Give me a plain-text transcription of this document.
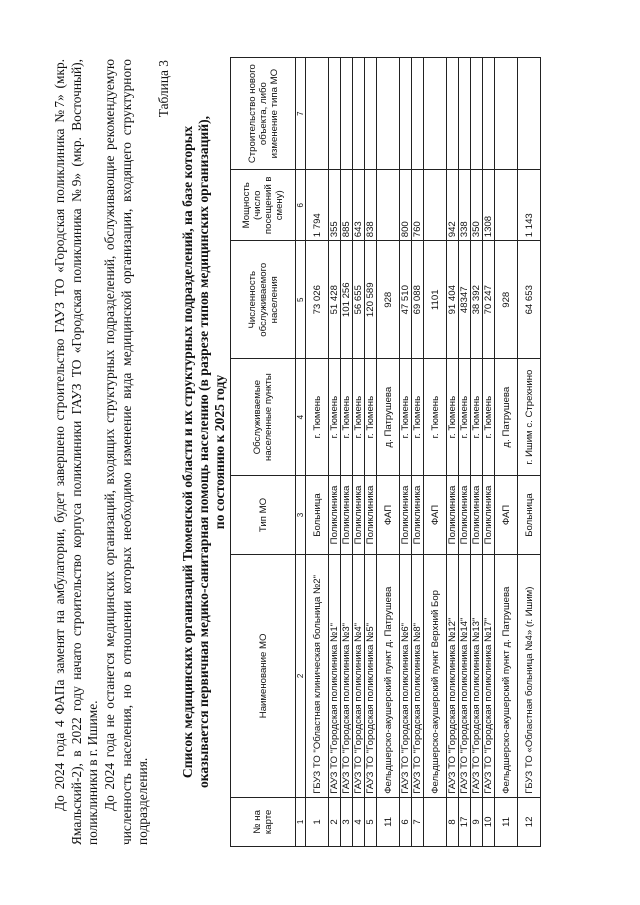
До 2024 года 4 ФАПа заменят на амбулатории, будет завершено строительство ГАУЗ ТО «Городская поликлиника №7» (мкр. Ямальский-2), в 2022 году начато строительство корпуса поликлиники ГАУЗ ТО «Городская поликлиника №9» (мкр. Восточный), поликлиники в г. Ишиме. До 2024 года не останется медицинских организаций, входящих структурных подразделений, обслуживающие рекомендуемую численность населения, но в отношении которых необходимо изменение вида медицинской организации, входящего структурного подразделения.

Таблица 3
Список медицинских организаций Тюменской области и их структурных подразделений, на базе которых оказывается первичная медико-санитарная помощь населению (в разрезе типов медицинских организаций), по состоянию к 2025 году
№ на карте	Наименование МО	Тип МО	Обслуживаемые населенные пункты	Численность обслуживаемого населения	Мощность (число посещений в смену)	Строительство нового объекта, либо изменение типа МО
1	2	3	4	5	6	7
1	ГБУЗ ТО "Областная клиническая больница №2"	Больница	г. Тюмень	73 026	1 794	
2	ГАУЗ ТО "Городская поликлиника №1"	Поликлиника	г. Тюмень	51 428	355	
3	ГАУЗ ТО "Городская поликлиника №3"	Поликлиника	г. Тюмень	101 256	885	
4	ГАУЗ ТО "Городская поликлиника №4"	Поликлиника	г. Тюмень	56 655	643	
5	ГАУЗ ТО "Городская поликлиника №5"	Поликлиника	г. Тюмень	120 589	838	
11	Фельдшерско-акушерский пункт д. Патрушева	ФАП	д. Патрушева	928		
6	ГАУЗ ТО "Городская поликлиника №6"	Поликлиника	г. Тюмень	47 510	800	
7	ГАУЗ ТО "Городская поликлиника №8"	Поликлиника	г. Тюмень	69 088	760	
	Фельдшерско-акушерский пункт Верхний Бор	ФАП	г. Тюмень	1101		
8	ГАУЗ ТО "Городская поликлиника №12"	Поликлиника	г. Тюмень	91 404	942	
17	ГАУЗ ТО "Городская поликлиника №14"	Поликлиника	г. Тюмень	48347	338	
9	ГАУЗ ТО "Городская поликлиника №13"	Поликлиника	г. Тюмень	38 392	350	
10	ГАУЗ ТО "Городская поликлиника №17"	Поликлиника	г. Тюмень	70 247	1308	
11	Фельдшерско-акушерский пункт д. Патрушева	ФАП	д. Патрушева	928		
12	ГБУЗ ТО «Областная больница №4» (г. Ишим)	Больница	г. Ишим с. Стрехнино	64 653	1 143	
